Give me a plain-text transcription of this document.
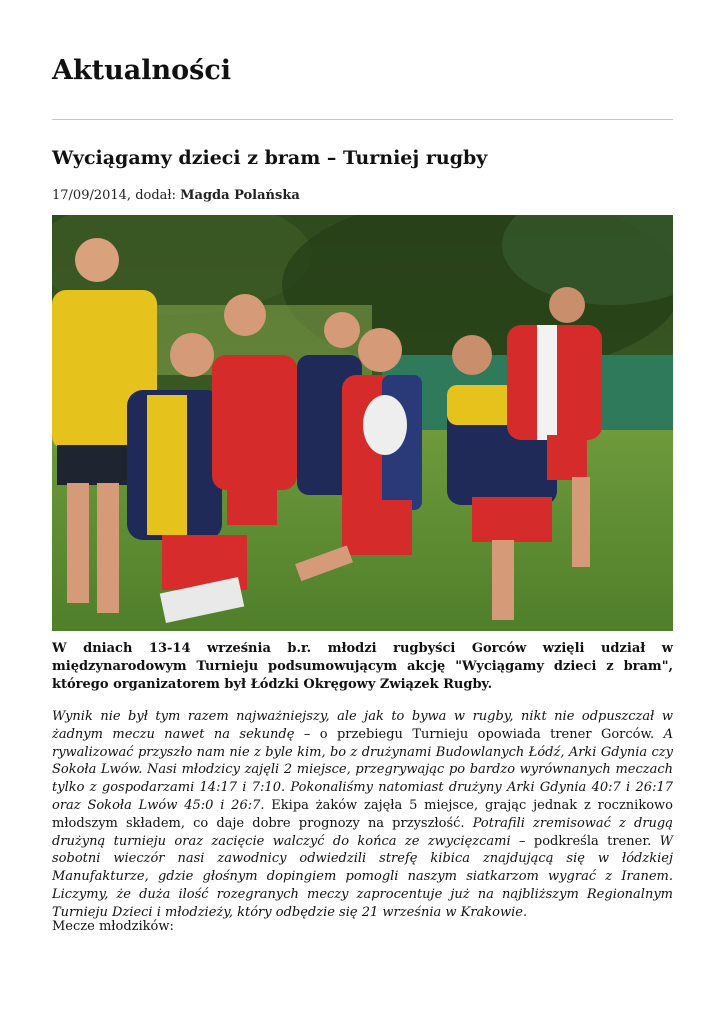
Aktualności
Wyciągamy dzieci z bram – Turniej rugby
17/09/2014, dodał: Magda Polańska

W dniach 13-14 września b.r. młodzi rugbyści Gorców wzięli udział w międzynarodowym Turnieju podsumowującym akcję "Wyciągamy dzieci z bram", którego organizatorem był Łódzki Okręgowy Związek Rugby.

Wynik nie był tym razem najważniejszy, ale jak to bywa w rugby, nikt nie odpuszczał w żadnym meczu nawet na sekundę – o przebiegu Turnieju opowiada trener Gorców. A rywalizować przyszło nam nie z byle kim, bo z drużynami Budowlanych Łódź, Arki Gdynia czy Sokoła Lwów. Nasi młodzicy zajęli 2 miejsce, przegrywając po bardzo wyrównanych meczach tylko z gospodarzami 14:17 i 7:10. Pokonaliśmy natomiast drużyny Arki Gdynia 40:7 i 26:17 oraz Sokoła Lwów 45:0 i 26:7. Ekipa żaków zajęła 5 miejsce, grając jednak z rocznikowo młodszym składem, co daje dobre prognozy na przyszłość. Potrafili zremisować z drugą drużyną turnieju oraz zacięcie walczyć do końca ze zwycięzcami – podkreśla trener. W sobotni wieczór nasi zawodnicy odwiedzili strefę kibica znajdującą się w łódzkiej Manufakturze, gdzie głośnym dopingiem pomogli naszym siatkarzom wygrać z Iranem. Liczymy, że duża ilość rozegranych meczy zaprocentuje już na najbliższym Regionalnym Turnieju Dzieci i młodzieży, który odbędzie się 21 września w Krakowie.

Mecze młodzików:
